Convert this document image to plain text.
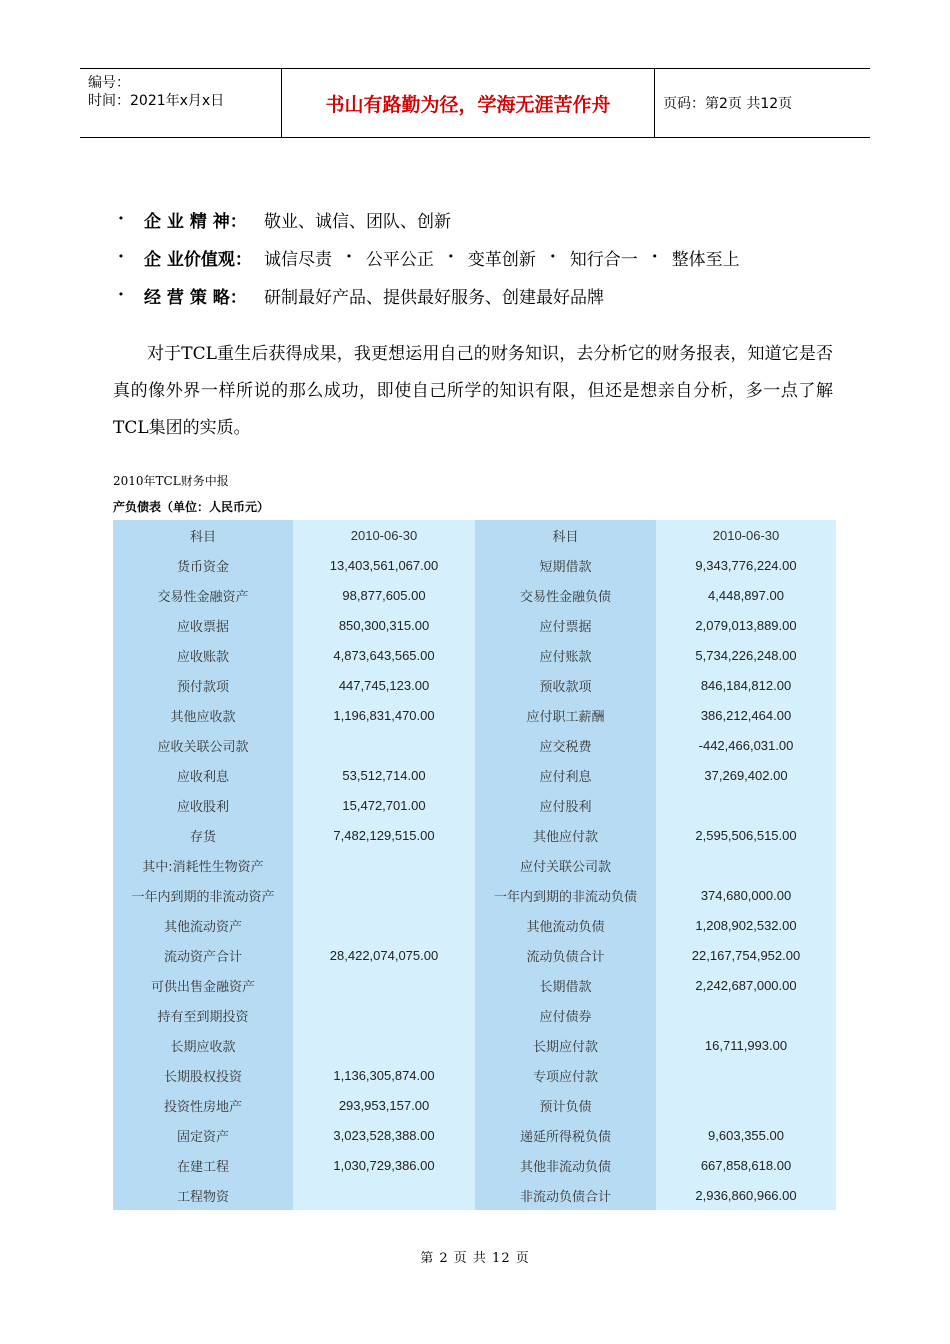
编号：
时间：2021年x月x日	书山有路勤为径，学海无涯苦作舟	页码：第2页 共12页
·	企 业 精 神：	敬业、诚信、团队、创新
·	企 业价值观： 诚信尽责 · 公平公正 · 变革创新 · 知行合一 · 整体至上
·	经 营 策 略：	研制最好产品、提供最好服务、创建最好品牌
对于TCL重生后获得成果，我更想运用自己的财务知识，去分析它的财务报表，知道它是否真的像外界一样所说的那么成功，即使自己所学的知识有限，但还是想亲自分析，多一点了解TCL集团的实质。
2010年TCL财务中报
产负债表（单位：人民币元）
科目	2010-06-30	科目	2010-06-30
货币资金	13,403,561,067.00	短期借款	9,343,776,224.00
交易性金融资产	98,877,605.00	交易性金融负债	4,448,897.00
应收票据	850,300,315.00	应付票据	2,079,013,889.00
应收账款	4,873,643,565.00	应付账款	5,734,226,248.00
预付款项	447,745,123.00	预收款项	846,184,812.00
其他应收款	1,196,831,470.00	应付职工薪酬	386,212,464.00
应收关联公司款		应交税费	-442,466,031.00
应收利息	53,512,714.00	应付利息	37,269,402.00
应收股利	15,472,701.00	应付股利	
存货	7,482,129,515.00	其他应付款	2,595,506,515.00
其中:消耗性生物资产		应付关联公司款	
一年内到期的非流动资产		一年内到期的非流动负债	374,680,000.00
其他流动资产		其他流动负债	1,208,902,532.00
流动资产合计	28,422,074,075.00	流动负债合计	22,167,754,952.00
可供出售金融资产		长期借款	2,242,687,000.00
持有至到期投资		应付债券	
长期应收款		长期应付款	16,711,993.00
长期股权投资	1,136,305,874.00	专项应付款	
投资性房地产	293,953,157.00	预计负债	
固定资产	3,023,528,388.00	递延所得税负债	9,603,355.00
在建工程	1,030,729,386.00	其他非流动负债	667,858,618.00
工程物资		非流动负债合计	2,936,860,966.00
第 2 页 共 12 页
